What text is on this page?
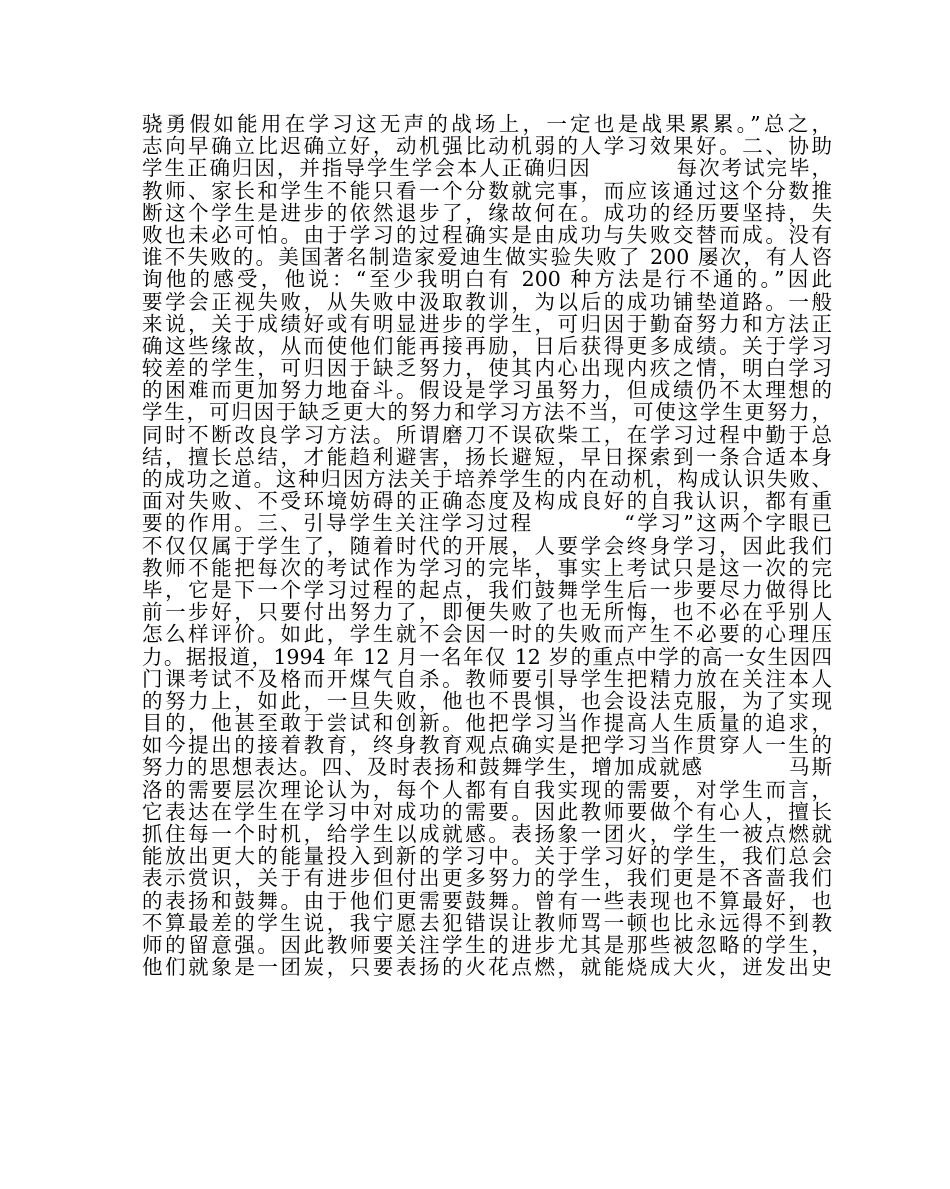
骁勇假如能用在学习这无声的战场上，一定也是战果累累。”总之，
志向早确立比迟确立好，动机强比动机弱的人学习效果好。二、协助
学生正确归因，并指导学生学会本人正确归因          每次考试完毕，
教师、家长和学生不能只看一个分数就完事，而应该通过这个分数推
断这个学生是进步的依然退步了，缘故何在。成功的经历要坚持，失
败也未必可怕。由于学习的过程确实是由成功与失败交替而成。没有
谁不失败的。美国著名制造家爱迪生做实验失败了 200 屡次，有人咨
询他的感受，他说：“至少我明白有 200 种方法是行不通的。”因此
要学会正视失败，从失败中汲取教训，为以后的成功铺垫道路。一般
来说，关于成绩好或有明显进步的学生，可归因于勤奋努力和方法正
确这些缘故，从而使他们能再接再励，日后获得更多成绩。关于学习
较差的学生，可归因于缺乏努力，使其内心出现内疚之情，明白学习
的困难而更加努力地奋斗。假设是学习虽努力，但成绩仍不太理想的
学生，可归因于缺乏更大的努力和学习方法不当，可使这学生更努力，
同时不断改良学习方法。所谓磨刀不误砍柴工，在学习过程中勤于总
结，擅长总结，才能趋利避害，扬长避短，早日探索到一条合适本身
的成功之道。这种归因方法关于培养学生的内在动机，构成认识失败、
面对失败、不受环境妨碍的正确态度及构成良好的自我认识，都有重
要的作用。三、引导学生关注学习过程          “学习”这两个字眼已
不仅仅属于学生了，随着时代的开展，人要学会终身学习，因此我们
教师不能把每次的考试作为学习的完毕，事实上考试只是这一次的完
毕，它是下一个学习过程的起点，我们鼓舞学生后一步要尽力做得比
前一步好，只要付出努力了，即便失败了也无所悔，也不必在乎别人
怎么样评价。如此，学生就不会因一时的失败而产生不必要的心理压
力。据报道，1994 年 12 月一名年仅 12 岁的重点中学的高一女生因四
门课考试不及格而开煤气自杀。教师要引导学生把精力放在关注本人
的努力上，如此，一旦失败，他也不畏惧，也会设法克服，为了实现
目的，他甚至敢于尝试和创新。他把学习当作提高人生质量的追求，
如今提出的接着教育，终身教育观点确实是把学习当作贯穿人一生的
努力的思想表达。四、及时表扬和鼓舞学生，增加成就感          马斯
洛的需要层次理论认为，每个人都有自我实现的需要，对学生而言，
它表达在学生在学习中对成功的需要。因此教师要做个有心人，擅长
抓住每一个时机，给学生以成就感。表扬象一团火，学生一被点燃就
能放出更大的能量投入到新的学习中。关于学习好的学生，我们总会
表示赏识，关于有进步但付出更多努力的学生，我们更是不吝啬我们
的表扬和鼓舞。由于他们更需要鼓舞。曾有一些表现也不算最好，也
不算最差的学生说，我宁愿去犯错误让教师骂一顿也比永远得不到教
师的留意强。因此教师要关注学生的进步尤其是那些被忽略的学生，
他们就象是一团炭，只要表扬的火花点燃，就能烧成大火，迸发出史
